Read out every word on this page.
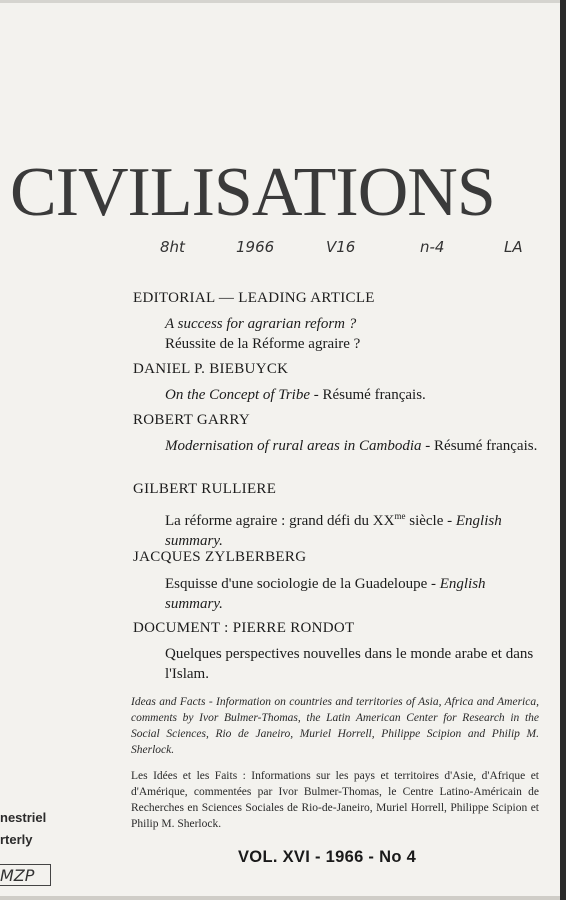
CIVILISATIONS
8ht	1966	V16	n-4	LA
EDITORIAL — LEADING ARTICLE
A success for agrarian reform ?
Réussite de la Réforme agraire ?
DANIEL P. BIEBUYCK
On the Concept of Tribe - Résumé français.
ROBERT GARRY
Modernisation of rural areas in Cambodia - Résumé français.
GILBERT RULLIERE
La réforme agraire : grand défi du $XX^{me}$ siècle - English summary.
JACQUES ZYLBERBERG
Esquisse d'une sociologie de la Guadeloupe - English summary.
DOCUMENT : PIERRE RONDOT
Quelques perspectives nouvelles dans le monde arabe et dans l'Islam.
Ideas and Facts - Information on countries and territories of Asia, Africa and America, comments by Ivor Bulmer-Thomas, the Latin American Center for Research in the Social Sciences, Rio de Janeiro, Muriel Horrell, Philippe Scipion and Philip M. Sherlock.
Les Idées et les Faits : Informations sur les pays et territoires d'Asie, d'Afrique et d'Amérique, commentées par Ivor Bulmer-Thomas, le Centre Latino-Américain de Recherches en Sciences Sociales de Rio-de-Janeiro, Muriel Horrell, Philippe Scipion et Philip M. Sherlock.
nestriel
rterly
MZP
VOL. XVI - 1966 - No 4
